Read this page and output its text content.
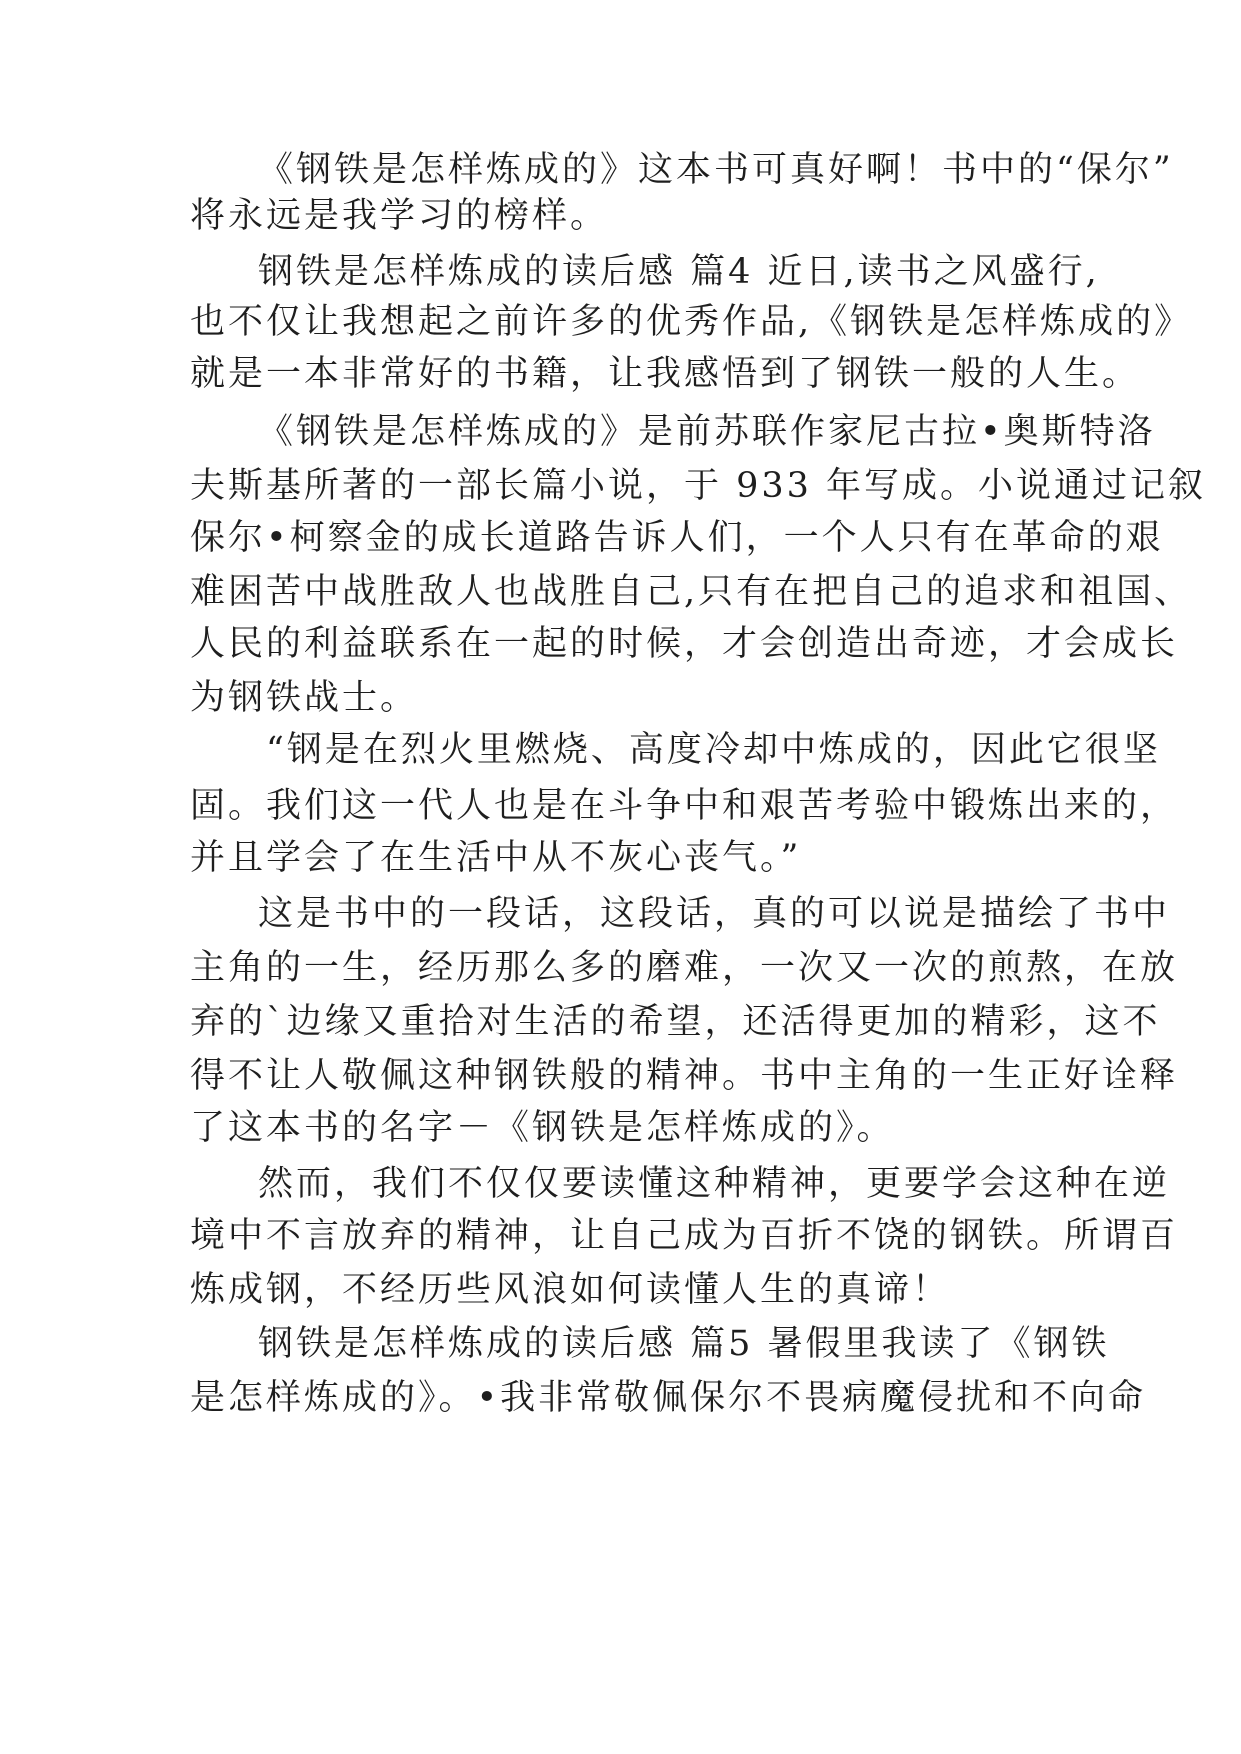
《钢铁是怎样炼成的》这本书可真好啊！书中的“保尔”
将永远是我学习的榜样。
钢铁是怎样炼成的读后感 篇4 近日,读书之风盛行,
也不仅让我想起之前许多的优秀作品,《钢铁是怎样炼成的》
就是一本非常好的书籍，让我感悟到了钢铁一般的人生。
《钢铁是怎样炼成的》是前苏联作家尼古拉•奥斯特洛
夫斯基所著的一部长篇小说，于 933 年写成。小说通过记叙
保尔•柯察金的成长道路告诉人们，一个人只有在革命的艰
难困苦中战胜敌人也战胜自己,只有在把自己的追求和祖国、
人民的利益联系在一起的时候，才会创造出奇迹，才会成长
为钢铁战士。
“钢是在烈火里燃烧、高度冷却中炼成的，因此它很坚
固。我们这一代人也是在斗争中和艰苦考验中锻炼出来的，
并且学会了在生活中从不灰心丧气。”
这是书中的一段话，这段话，真的可以说是描绘了书中
主角的一生，经历那么多的磨难，一次又一次的煎熬，在放
弃的`边缘又重拾对生活的希望，还活得更加的精彩，这不
得不让人敬佩这种钢铁般的精神。书中主角的一生正好诠释
了这本书的名字－《钢铁是怎样炼成的》。
然而，我们不仅仅要读懂这种精神，更要学会这种在逆
境中不言放弃的精神，让自己成为百折不饶的钢铁。所谓百
炼成钢，不经历些风浪如何读懂人生的真谛！
钢铁是怎样炼成的读后感 篇5 暑假里我读了《钢铁
是怎样炼成的》。•我非常敬佩保尔不畏病魔侵扰和不向命
